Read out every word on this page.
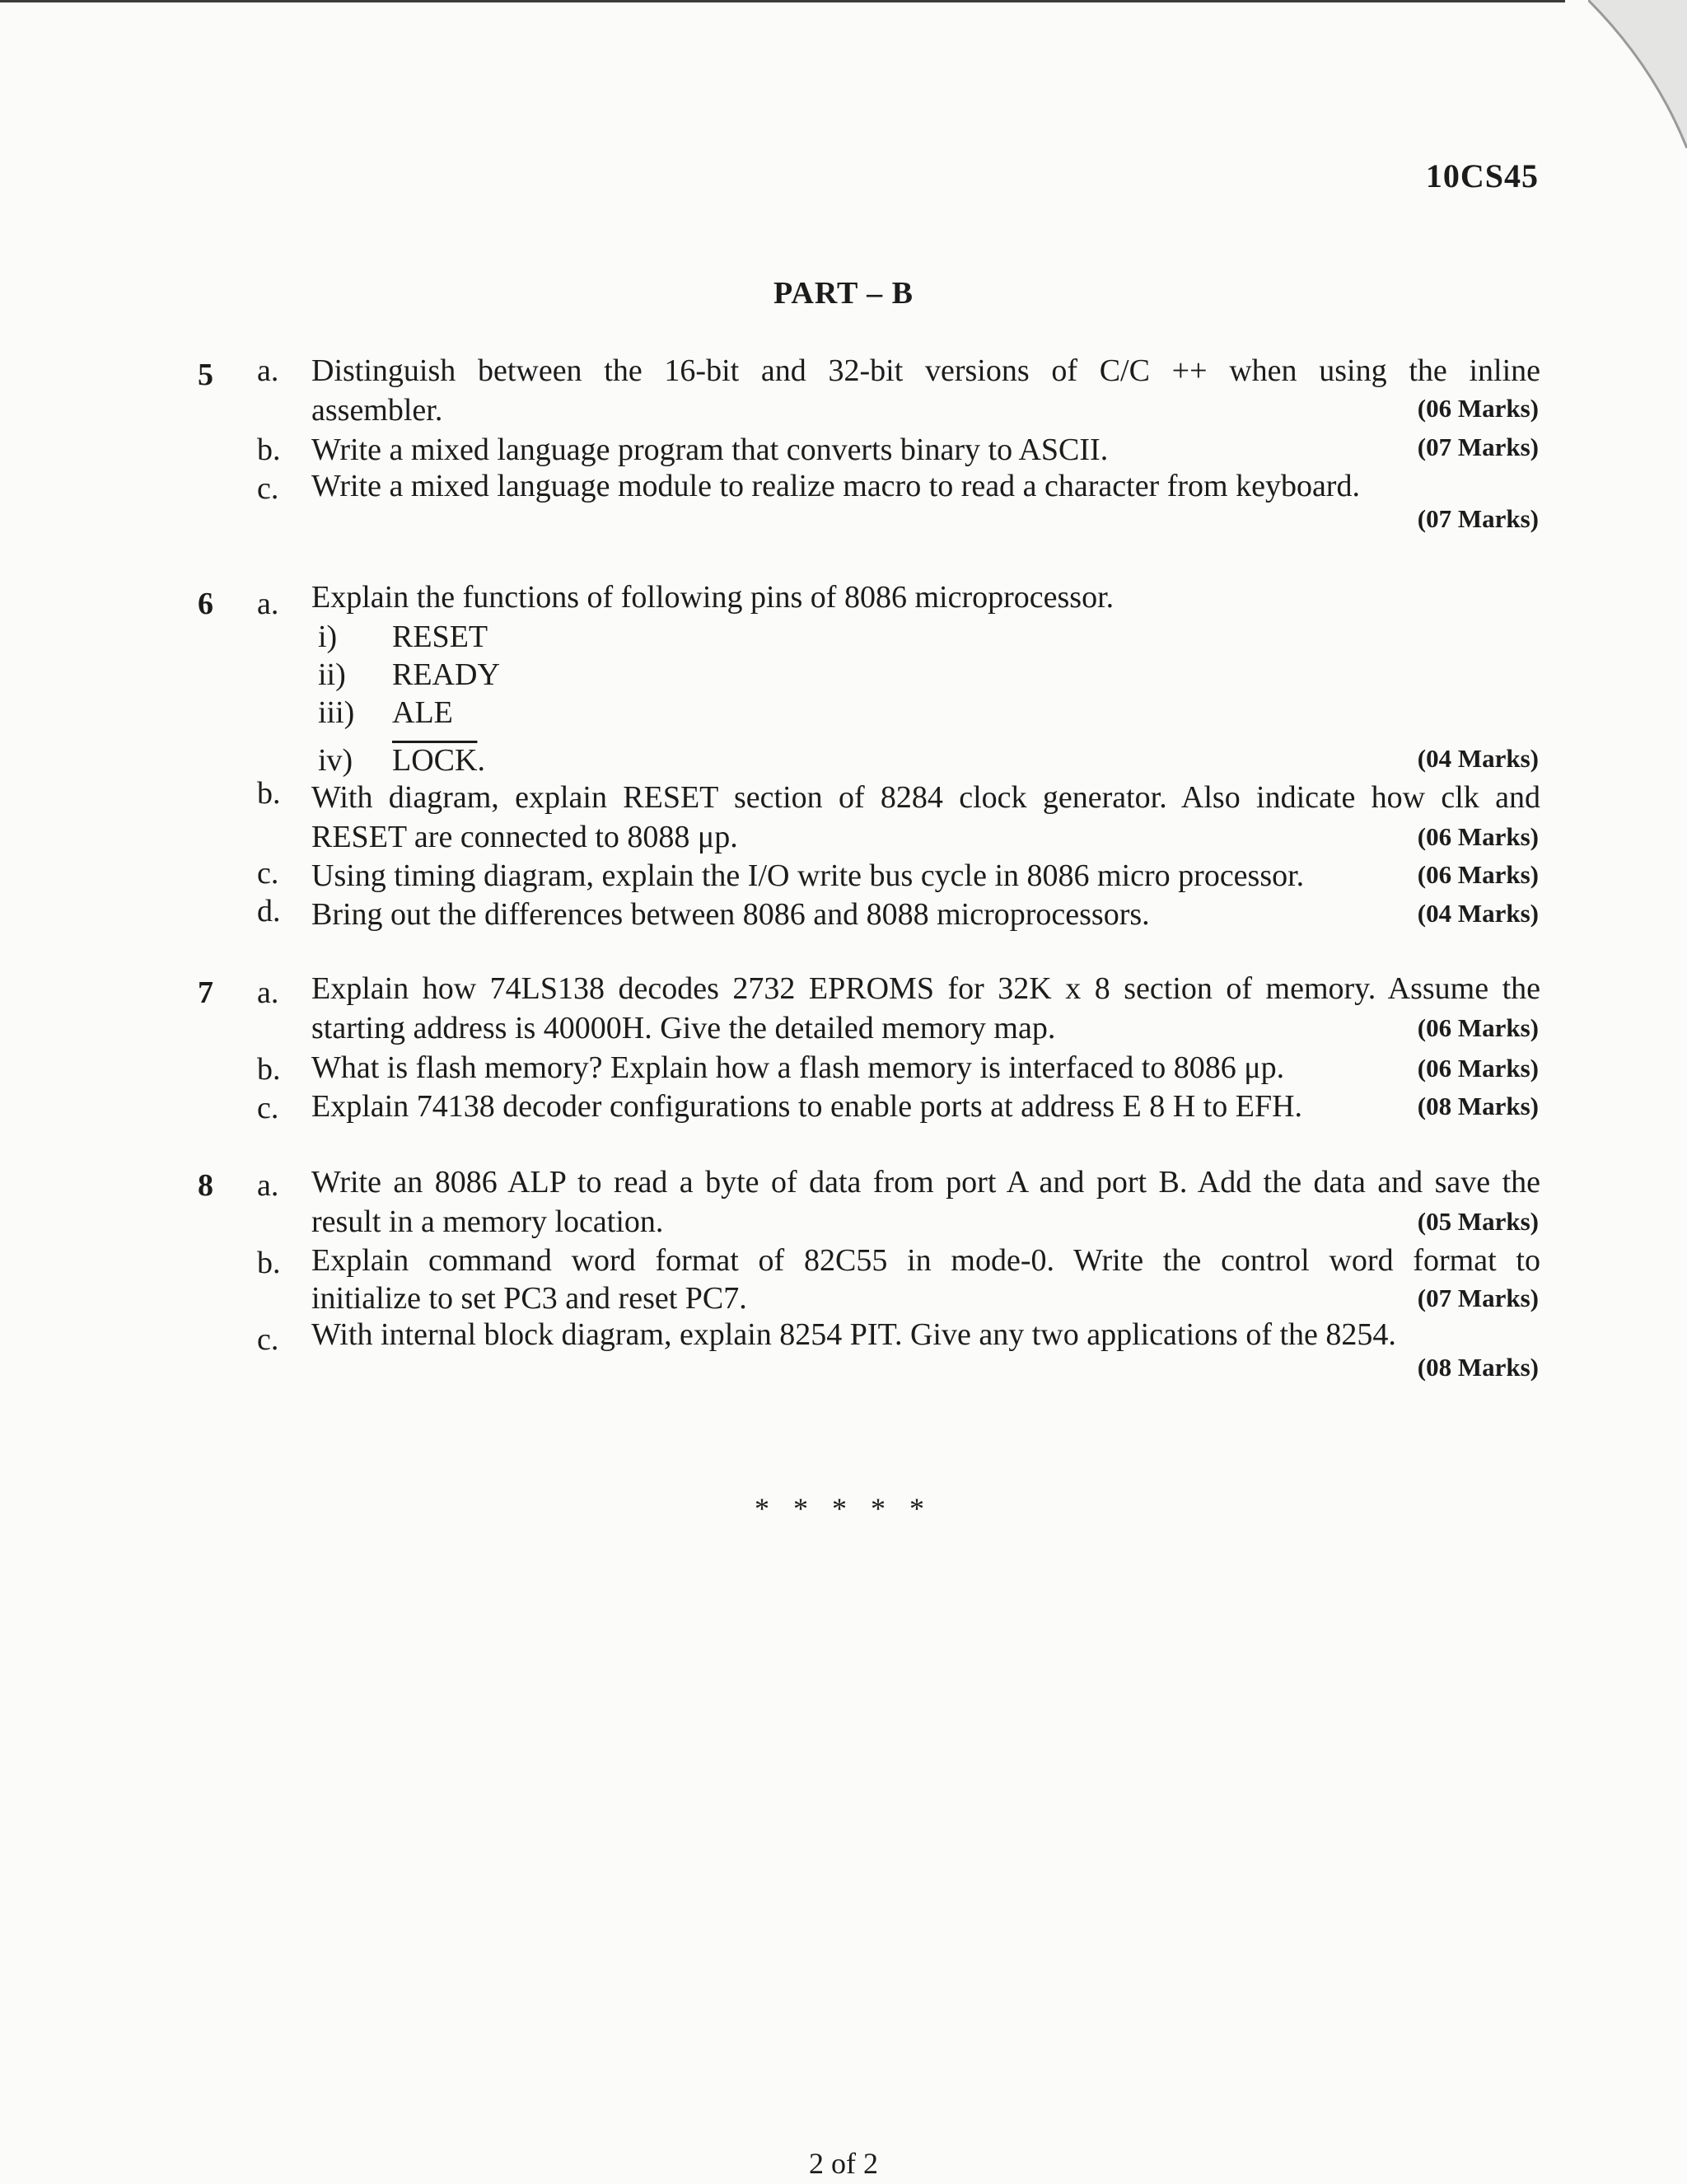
10CS45
PART – B
5 a. Distinguish between the 16-bit and 32-bit versions of C/C ++ when using the inline
assembler.	(06 Marks)
b. Write a mixed language program that converts binary to ASCII.	(07 Marks)
c. Write a mixed language module to realize macro to read a character from keyboard.
(07 Marks)
6 a. Explain the functions of following pins of 8086 microprocessor.
i) RESET
ii) READY
iii) ALE
iv) LOCK.	(04 Marks)
b. With diagram, explain RESET section of 8284 clock generator. Also indicate how clk and
RESET are connected to 8088 μp.	(06 Marks)
c. Using timing diagram, explain the I/O write bus cycle in 8086 micro processor.	(06 Marks)
d. Bring out the differences between 8086 and 8088 microprocessors.	(04 Marks)
7 a. Explain how 74LS138 decodes 2732 EPROMS for 32K x 8 section of memory. Assume the
starting address is 40000H. Give the detailed memory map.	(06 Marks)
b. What is flash memory? Explain how a flash memory is interfaced to 8086 μp.	(06 Marks)
c. Explain 74138 decoder configurations to enable ports at address E 8 H to EFH.	(08 Marks)
8 a. Write an 8086 ALP to read a byte of data from port A and port B. Add the data and save the
result in a memory location.	(05 Marks)
b. Explain command word format of 82C55 in mode-0. Write the control word format to
initialize to set PC3 and reset PC7.	(07 Marks)
c. With internal block diagram, explain 8254 PIT. Give any two applications of the 8254.
(08 Marks)
* * * * *
2 of 2
